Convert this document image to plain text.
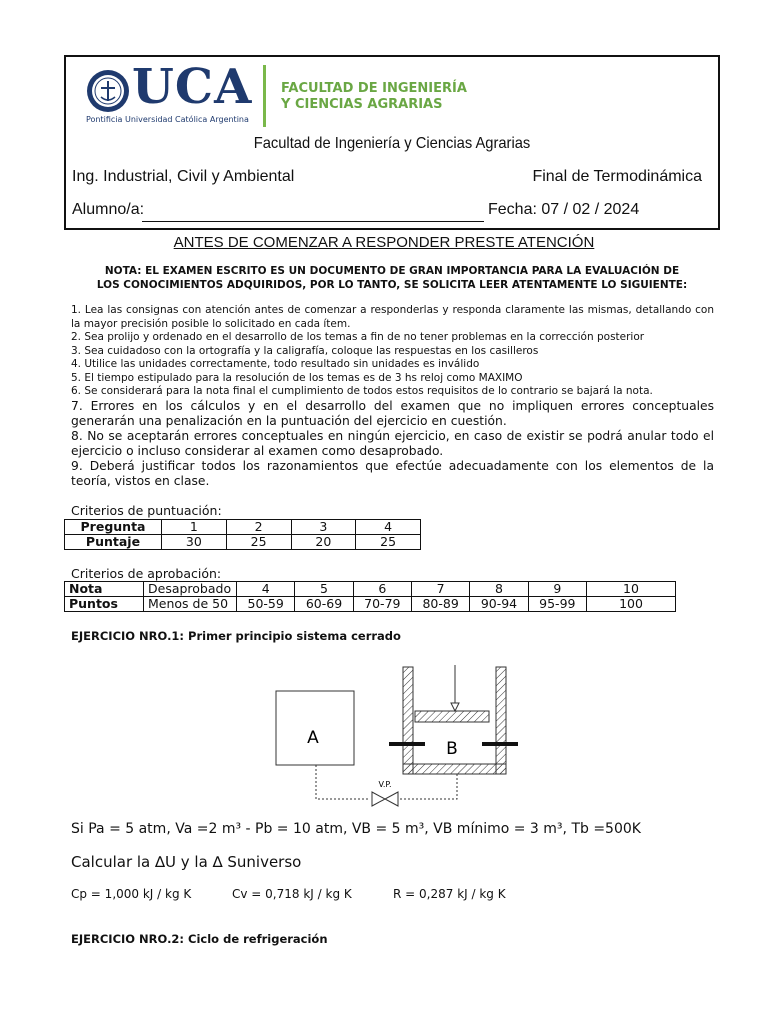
UCA
Pontificia Universidad Católica Argentina
FACULTAD DE INGENIERÍA
Y CIENCIAS AGRARIAS
Facultad de Ingeniería y Ciencias Agrarias
Ing. Industrial, Civil y Ambiental	Final de Termodinámica
Alumno/a:	Fecha: 07 / 02 / 2024
ANTES DE COMENZAR A RESPONDER PRESTE ATENCIÓN
NOTA: EL EXAMEN ESCRITO ES UN DOCUMENTO DE GRAN IMPORTANCIA PARA LA EVALUACIÓN DE
LOS CONOCIMIENTOS ADQUIRIDOS, POR LO TANTO, SE SOLICITA LEER ATENTAMENTE LO SIGUIENTE:

1. Lea las consignas con atención antes de comenzar a responderlas y responda claramente las mismas, detallando con la mayor precisión posible lo solicitado en cada ítem.

2. Sea prolijo y ordenado en el desarrollo de los temas a fin de no tener problemas en la corrección posterior

3. Sea cuidadoso con la ortografía y la caligrafía, coloque las respuestas en los casilleros

4. Utilice las unidades correctamente, todo resultado sin unidades es inválido

5. El tiempo estipulado para la resolución de los temas es de 3 hs reloj como MAXIMO

6. Se considerará para la nota final el cumplimiento de todos estos requisitos de lo contrario se bajará la nota.

7. Errores en los cálculos y en el desarrollo del examen que no impliquen errores conceptuales generarán una penalización en la puntuación del ejercicio en cuestión.

8. No se aceptarán errores conceptuales en ningún ejercicio, en caso de existir se podrá anular todo el ejercicio o incluso considerar al examen como desaprobado.

9. Deberá justificar todos los razonamientos que efectúe adecuadamente con los elementos de la teoría, vistos en clase.

Criterios de puntuación:
Pregunta	1	2	3	4
Puntaje	30	25	20	25
Criterios de aprobación:
Nota	Desaprobado	4	5	6	7	8	9	10
Puntos	Menos de 50	50-59	60-69	70-79	80-89	90-94	95-99	100
EJERCICIO NRO.1: Primer principio sistema cerrado
A
B
V.P.
Si Pa = 5 atm, Va =2 m³ - Pb = 10 atm, VB = 5 m³, VB mínimo = 3 m³, Tb =500K
Calcular la ∆U y la ∆ Suniverso
Cp = 1,000 kJ / kg K	Cv = 0,718 kJ / kg K	R = 0,287 kJ / kg K
EJERCICIO NRO.2: Ciclo de refrigeración
